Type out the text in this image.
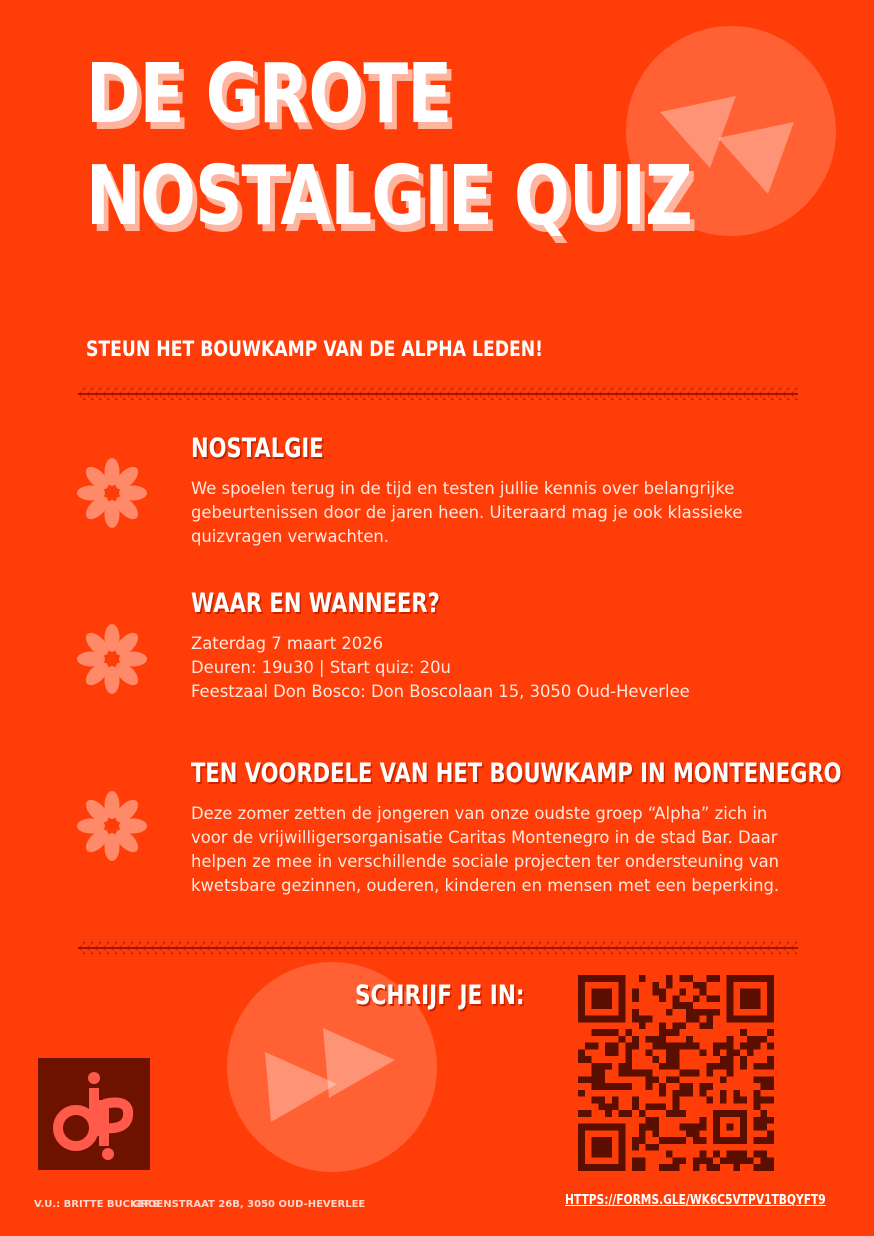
DE GROTE
NOSTALGIE QUIZ
STEUN HET BOUWKAMP VAN DE ALPHA LEDEN!
NOSTALGIE

We spoelen terug in de tijd en testen jullie kennis over belangrijke
gebeurtenissen door de jaren heen. Uiteraard mag je ook klassieke
quizvragen verwachten.

WAAR EN WANNEER?

Zaterdag 7 maart 2026
Deuren: 19u30 | Start quiz: 20u
Feestzaal Don Bosco: Don Boscolaan 15, 3050 Oud-Heverlee

TEN VOORDELE VAN HET BOUWKAMP IN MONTENEGRO

Deze zomer zetten de jongeren van onze oudste groep “Alpha” zich in
voor de vrijwilligersorganisatie Caritas Montenegro in de stad Bar. Daar
helpen ze mee in verschillende sociale projecten ter ondersteuning van
kwetsbare gezinnen, ouderen, kinderen en mensen met een beperking.

SCHRIJF JE IN:
V.U.: BRITTE BUCKERS
GROENSTRAAT 26B, 3050 OUD-HEVERLEE	HTTPS://FORMS.GLE/WK6C5VTPV1TBQYFT9
